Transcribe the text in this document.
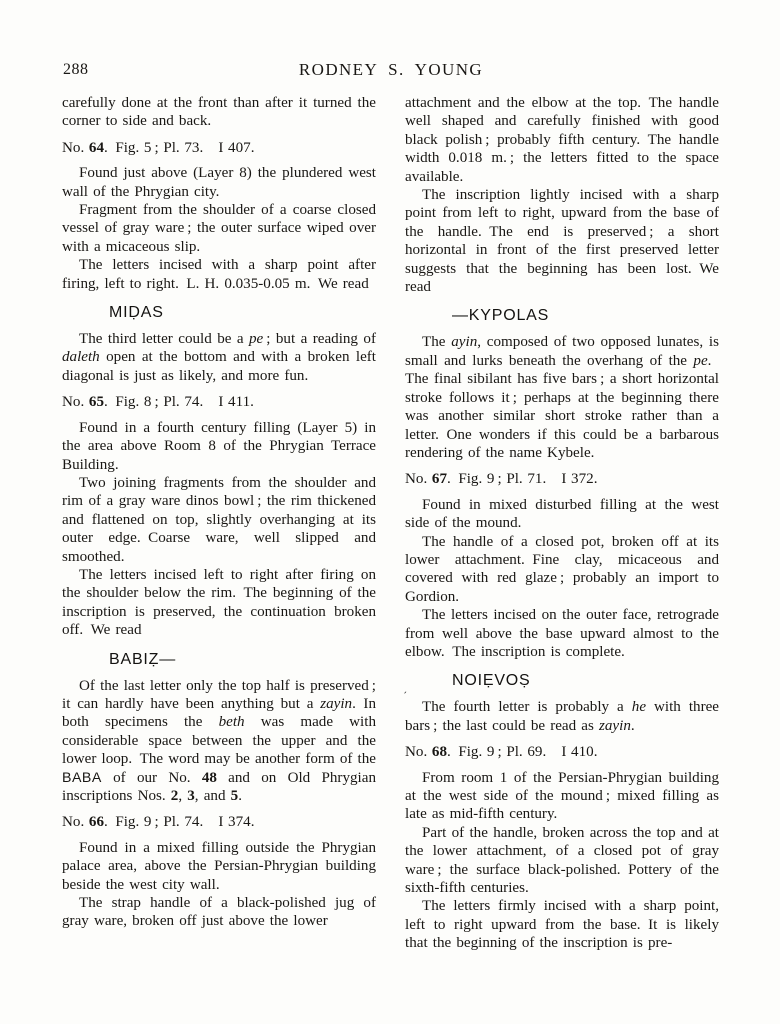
288	RODNEY S. YOUNG

carefully done at the front than after it turned the corner to side and back.

No. 64. Fig. 5 ; Pl. 73. I 407.

Found just above (Layer 8) the plundered west wall of the Phrygian city.

Fragment from the shoulder of a coarse closed vessel of gray ware ; the outer surface wiped over with a micaceous slip.

The letters incised with a sharp point after firing, left to right. L. H. 0.035-0.05 m. We read

MIḌAS

The third letter could be a pe ; but a reading of daleth open at the bottom and with a broken left diagonal is just as likely, and more fun.

No. 65. Fig. 8 ; Pl. 74. I 411.

Found in a fourth century filling (Layer 5) in the area above Room 8 of the Phrygian Terrace Building.

Two joining fragments from the shoulder and rim of a gray ware dinos bowl ; the rim thickened and flattened on top, slightly overhanging at its outer edge. Coarse ware, well slipped and smoothed.

The letters incised left to right after firing on the shoulder below the rim. The beginning of the inscription is preserved, the continuation broken off. We read

BABIẒ—

Of the last letter only the top half is preserved ; it can hardly have been anything but a zayin. In both specimens the beth was made with considerable space between the upper and the lower loop. The word may be another form of the BABA of our No. 48 and on Old Phrygian inscriptions Nos. 2, 3, and 5.

No. 66. Fig. 9 ; Pl. 74. I 374.

Found in a mixed filling outside the Phrygian palace area, above the Persian-Phrygian building beside the west city wall.

The strap handle of a black-polished jug of gray ware, broken off just above the lower

attachment and the elbow at the top. The handle well shaped and carefully finished with good black polish ; probably fifth century. The handle width 0.018 m. ; the letters fitted to the space available.

The inscription lightly incised with a sharp point from left to right, upward from the base of the handle. The end is preserved ; a short horizontal in front of the first preserved letter suggests that the beginning has been lost. We read

—KYPOLAS

The ayin, composed of two opposed lunates, is small and lurks beneath the overhang of the pe. The final sibilant has five bars ; a short horizontal stroke follows it ; perhaps at the beginning there was another similar short stroke rather than a letter. One wonders if this could be a barbarous rendering of the name Kybele.

No. 67. Fig. 9 ; Pl. 71. I 372.

Found in mixed disturbed filling at the west side of the mound.

The handle of a closed pot, broken off at its lower attachment. Fine clay, micaceous and covered with red glaze ; probably an import to Gordion.

The letters incised on the outer face, retrograde from well above the base upward almost to the elbow. The inscription is complete.

NOIẸVOṢ
ˏ

The fourth letter is probably a he with three bars ; the last could be read as zayin.

No. 68. Fig. 9 ; Pl. 69. I 410.

From room 1 of the Persian-Phrygian building at the west side of the mound ; mixed filling as late as mid-fifth century.

Part of the handle, broken across the top and at the lower attachment, of a closed pot of gray ware ; the surface black-polished. Pottery of the sixth-fifth centuries.

The letters firmly incised with a sharp point, left to right upward from the base. It is likely that the beginning of the inscription is pre-
